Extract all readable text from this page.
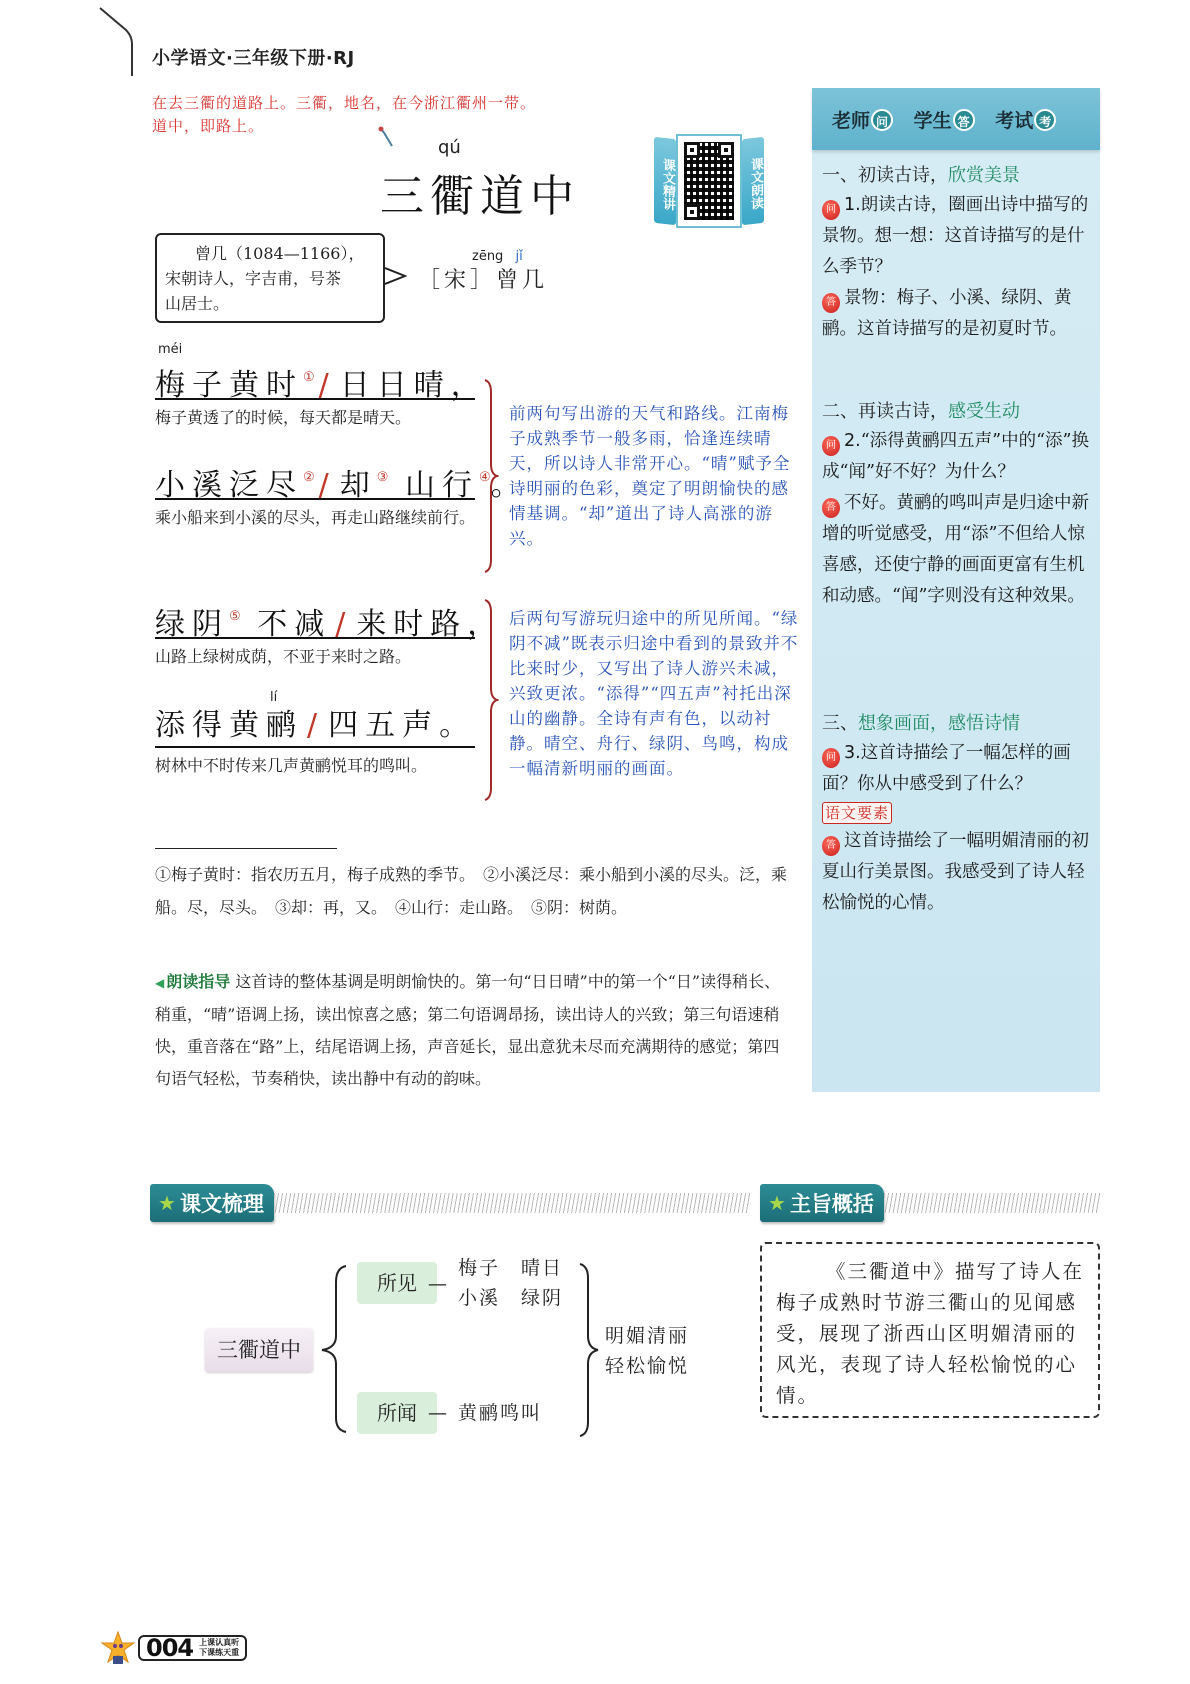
小学语文·三年级下册·RJ
在去三衢的道路上。三衢，地名，在今浙江衢州一带。
道中，即路上。
qú
三衢道中	课文精讲	课文朗读
曾几（1084—1166），
宋朝诗人，字吉甫，号茶
山居士。
zēng jǐ
［宋］曾几
méi
梅子黄时① / 日日晴，
梅子黄透了的时候，每天都是晴天。
小溪泛尽② / 却③ 山行④。
乘小船来到小溪的尽头，再走山路继续前行。
绿阴⑤ 不减 / 来时路，
山路上绿树成荫，不亚于来时之路。
lí
添得黄鹂 / 四五声。
树林中不时传来几声黄鹂悦耳的鸣叫。
前两句写出游的天气和路线。江南梅子成熟季节一般多雨，恰逢连续晴天，所以诗人非常开心。“晴”赋予全诗明丽的色彩，奠定了明朗愉快的感情基调。“却”道出了诗人高涨的游兴。
后两句写游玩归途中的所见所闻。“绿阴不减”既表示归途中看到的景致并不比来时少，又写出了诗人游兴未减，兴致更浓。“添得”“四五声”衬托出深山的幽静。全诗有声有色，以动衬静。晴空、舟行、绿阴、鸟鸣，构成一幅清新明丽的画面。
①梅子黄时：指农历五月，梅子成熟的季节。　②小溪泛尽：乘小船到小溪的尽头。泛，乘船。尽，尽头。　③却：再，又。　④山行：走山路。　⑤阴：树荫。
◀ 朗读指导 这首诗的整体基调是明朗愉快的。第一句“日日晴”中的第一个“日”读得稍长、稍重，“晴”语调上扬，读出惊喜之感；第二句语调昂扬，读出诗人的兴致；第三句语速稍快，重音落在“路”上，结尾语调上扬，声音延长，显出意犹未尽而充满期待的感觉；第四句语气轻松，节奏稍快，读出静中有动的韵味。
老师 问 学生 答 考试 考
一、初读古诗，欣赏美景
问 1.朗读古诗，圈画出诗中描写的景物。想一想：这首诗描写的是什么季节？
答 景物：梅子、小溪、绿阴、黄鹂。这首诗描写的是初夏时节。
二、再读古诗，感受生动
问 2.“添得黄鹂四五声”中的“添”换成“闻”好不好？为什么？
答 不好。黄鹂的鸣叫声是归途中新增的听觉感受，用“添”不但给人惊喜感，还使宁静的画面更富有生机和动感。“闻”字则没有这种效果。
三、想象画面，感悟诗情
问 3.这首诗描绘了一幅怎样的画面？你从中感受到了什么？
语文要素
答 这首诗描绘了一幅明媚清丽的初夏山行美景图。我感受到了诗人轻松愉悦的心情。
★ 课文梳理	★ 主旨概括
三衢道中
所见 —
梅子　晴日
小溪　绿阴
所闻 — 黄鹂鸣叫
明媚清丽
轻松愉悦
《三衢道中》描写了诗人在梅子成熟时节游三衢山的见闻感受，展现了浙西山区明媚清丽的风光，表现了诗人轻松愉悦的心情。
004 上课认真听
下课练天重
